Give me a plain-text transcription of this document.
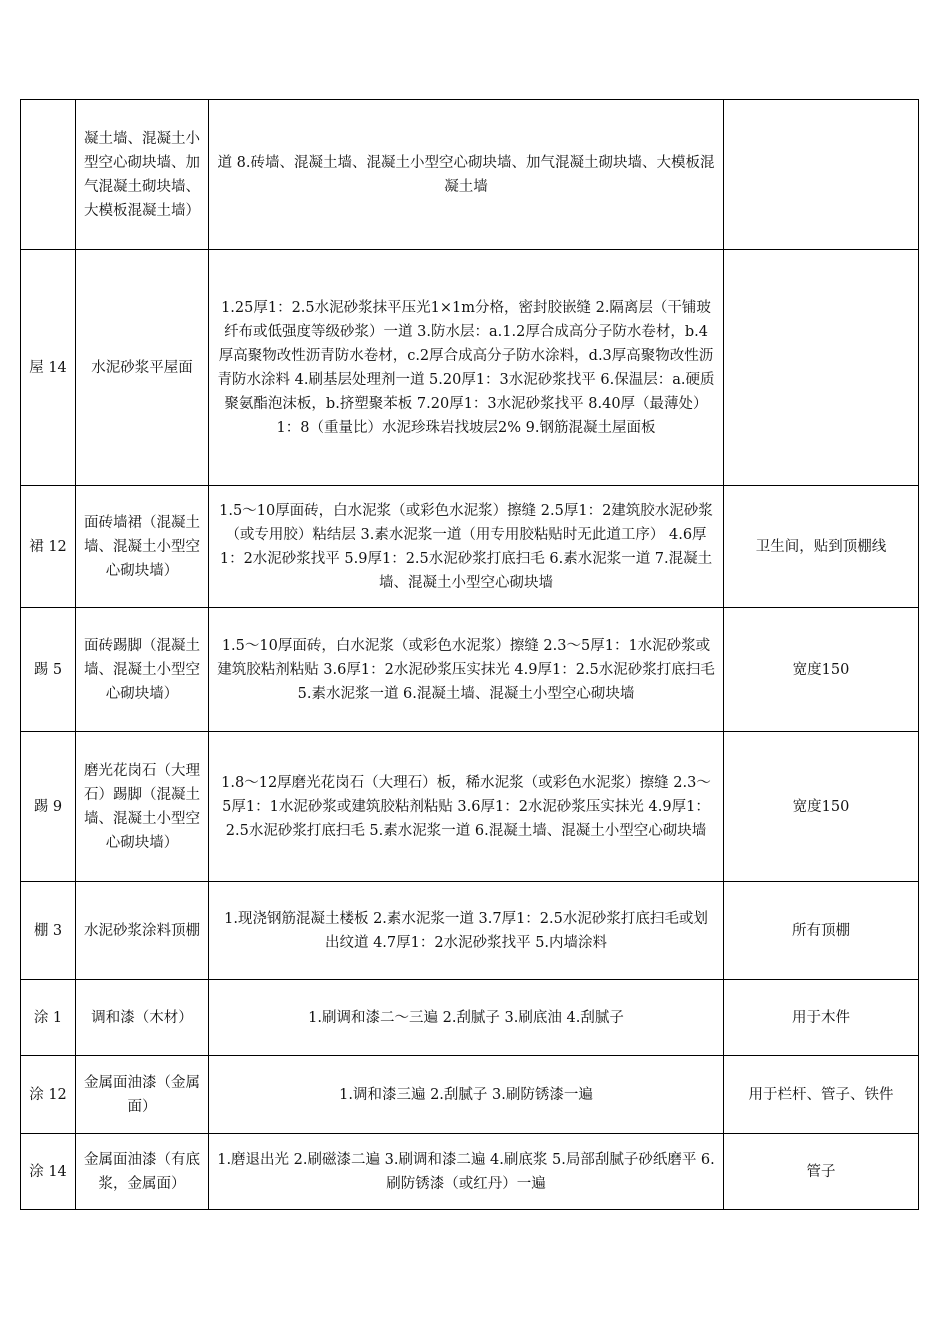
	凝土墙、混凝土小型空心砌块墙、加气混凝土砌块墙、大模板混凝土墙）	道 8.砖墙、混凝土墙、混凝土小型空心砌块墙、加气混凝土砌块墙、大模板混凝土墙	
屋 14	水泥砂浆平屋面	1.25厚1：2.5水泥砂浆抹平压光1×1m分格，密封胶嵌缝 2.隔离层（干铺玻纤布或低强度等级砂浆）一道 3.防水层：a.1.2厚合成高分子防水卷材，b.4厚高聚物改性沥青防水卷材，c.2厚合成高分子防水涂料，d.3厚高聚物改性沥青防水涂料 4.刷基层处理剂一道 5.20厚1：3水泥砂浆找平 6.保温层：a.硬质聚氨酯泡沫板，b.挤塑聚苯板 7.20厚1：3水泥砂浆找平 8.40厚（最薄处）1：8（重量比）水泥珍珠岩找坡层2% 9.钢筋混凝土屋面板	
裙 12	面砖墙裙（混凝土墙、混凝土小型空心砌块墙）	1.5～10厚面砖，白水泥浆（或彩色水泥浆）擦缝 2.5厚1：2建筑胶水泥砂浆（或专用胶）粘结层 3.素水泥浆一道（用专用胶粘贴时无此道工序） 4.6厚1：2水泥砂浆找平 5.9厚1：2.5水泥砂浆打底扫毛 6.素水泥浆一道 7.混凝土墙、混凝土小型空心砌块墙	卫生间，贴到顶棚线
踢 5	面砖踢脚（混凝土墙、混凝土小型空心砌块墙）	1.5～10厚面砖，白水泥浆（或彩色水泥浆）擦缝 2.3～5厚1：1水泥砂浆或建筑胶粘剂粘贴 3.6厚1：2水泥砂浆压实抹光 4.9厚1：2.5水泥砂浆打底扫毛 5.素水泥浆一道 6.混凝土墙、混凝土小型空心砌块墙	宽度150
踢 9	磨光花岗石（大理石）踢脚（混凝土墙、混凝土小型空心砌块墙）	1.8～12厚磨光花岗石（大理石）板，稀水泥浆（或彩色水泥浆）擦缝 2.3～5厚1：1水泥砂浆或建筑胶粘剂粘贴 3.6厚1：2水泥砂浆压实抹光 4.9厚1：2.5水泥砂浆打底扫毛 5.素水泥浆一道 6.混凝土墙、混凝土小型空心砌块墙	宽度150
棚 3	水泥砂浆涂料顶棚	1.现浇钢筋混凝土楼板 2.素水泥浆一道 3.7厚1：2.5水泥砂浆打底扫毛或划出纹道 4.7厚1：2水泥砂浆找平 5.内墙涂料	所有顶棚
涂 1	调和漆（木材）	1.刷调和漆二～三遍 2.刮腻子 3.刷底油 4.刮腻子	用于木件
涂 12	金属面油漆（金属面）	1.调和漆三遍 2.刮腻子 3.刷防锈漆一遍	用于栏杆、管子、铁件
涂 14	金属面油漆（有底浆，金属面）	1.磨退出光 2.刷磁漆二遍 3.刷调和漆二遍 4.刷底浆 5.局部刮腻子砂纸磨平 6.刷防锈漆（或红丹）一遍	管子
